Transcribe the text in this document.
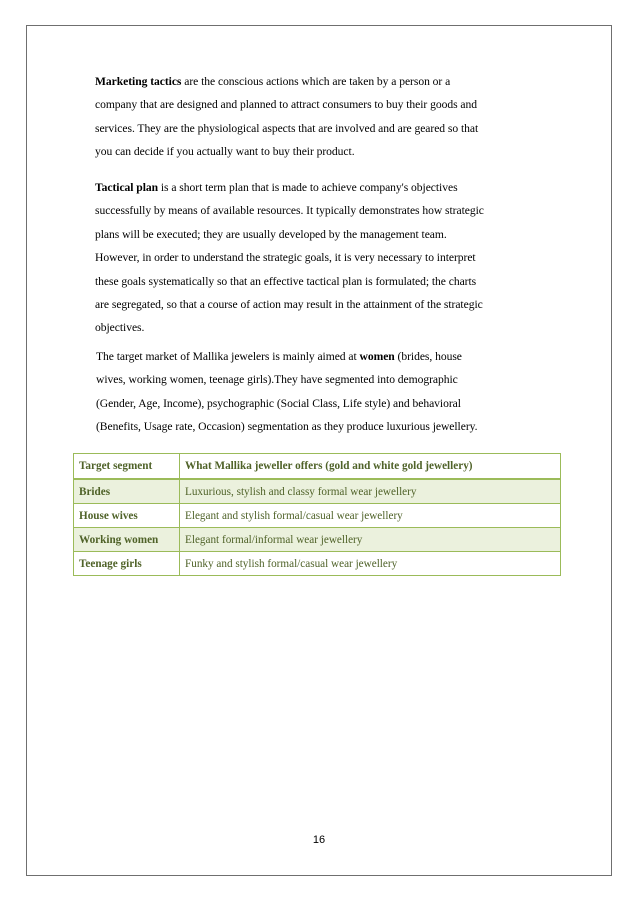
Marketing tactics are the conscious actions which are taken by a person or a
company that are designed and planned to attract consumers to buy their goods and
services. They are the physiological aspects that are involved and are geared so that
you can decide if you actually want to buy their product.
Tactical plan is a short term plan that is made to achieve company's objectives
successfully by means of available resources. It typically demonstrates how strategic
plans will be executed; they are usually developed by the management team.
However, in order to understand the strategic goals, it is very necessary to interpret
these goals systematically so that an effective tactical plan is formulated; the charts
are segregated, so that a course of action may result in the attainment of the strategic
objectives.
The target market of Mallika jewelers is mainly aimed at women (brides, house
wives, working women, teenage girls).They have segmented into demographic
(Gender, Age, Income), psychographic (Social Class, Life style) and behavioral
(Benefits, Usage rate, Occasion) segmentation as they produce luxurious jewellery.
Target segment	What Mallika jeweller offers (gold and white gold jewellery)
Brides	Luxurious, stylish and classy formal wear jewellery
House wives	Elegant and stylish formal/casual wear jewellery
Working women	Elegant formal/informal wear jewellery
Teenage girls	Funky and stylish formal/casual wear jewellery
16
